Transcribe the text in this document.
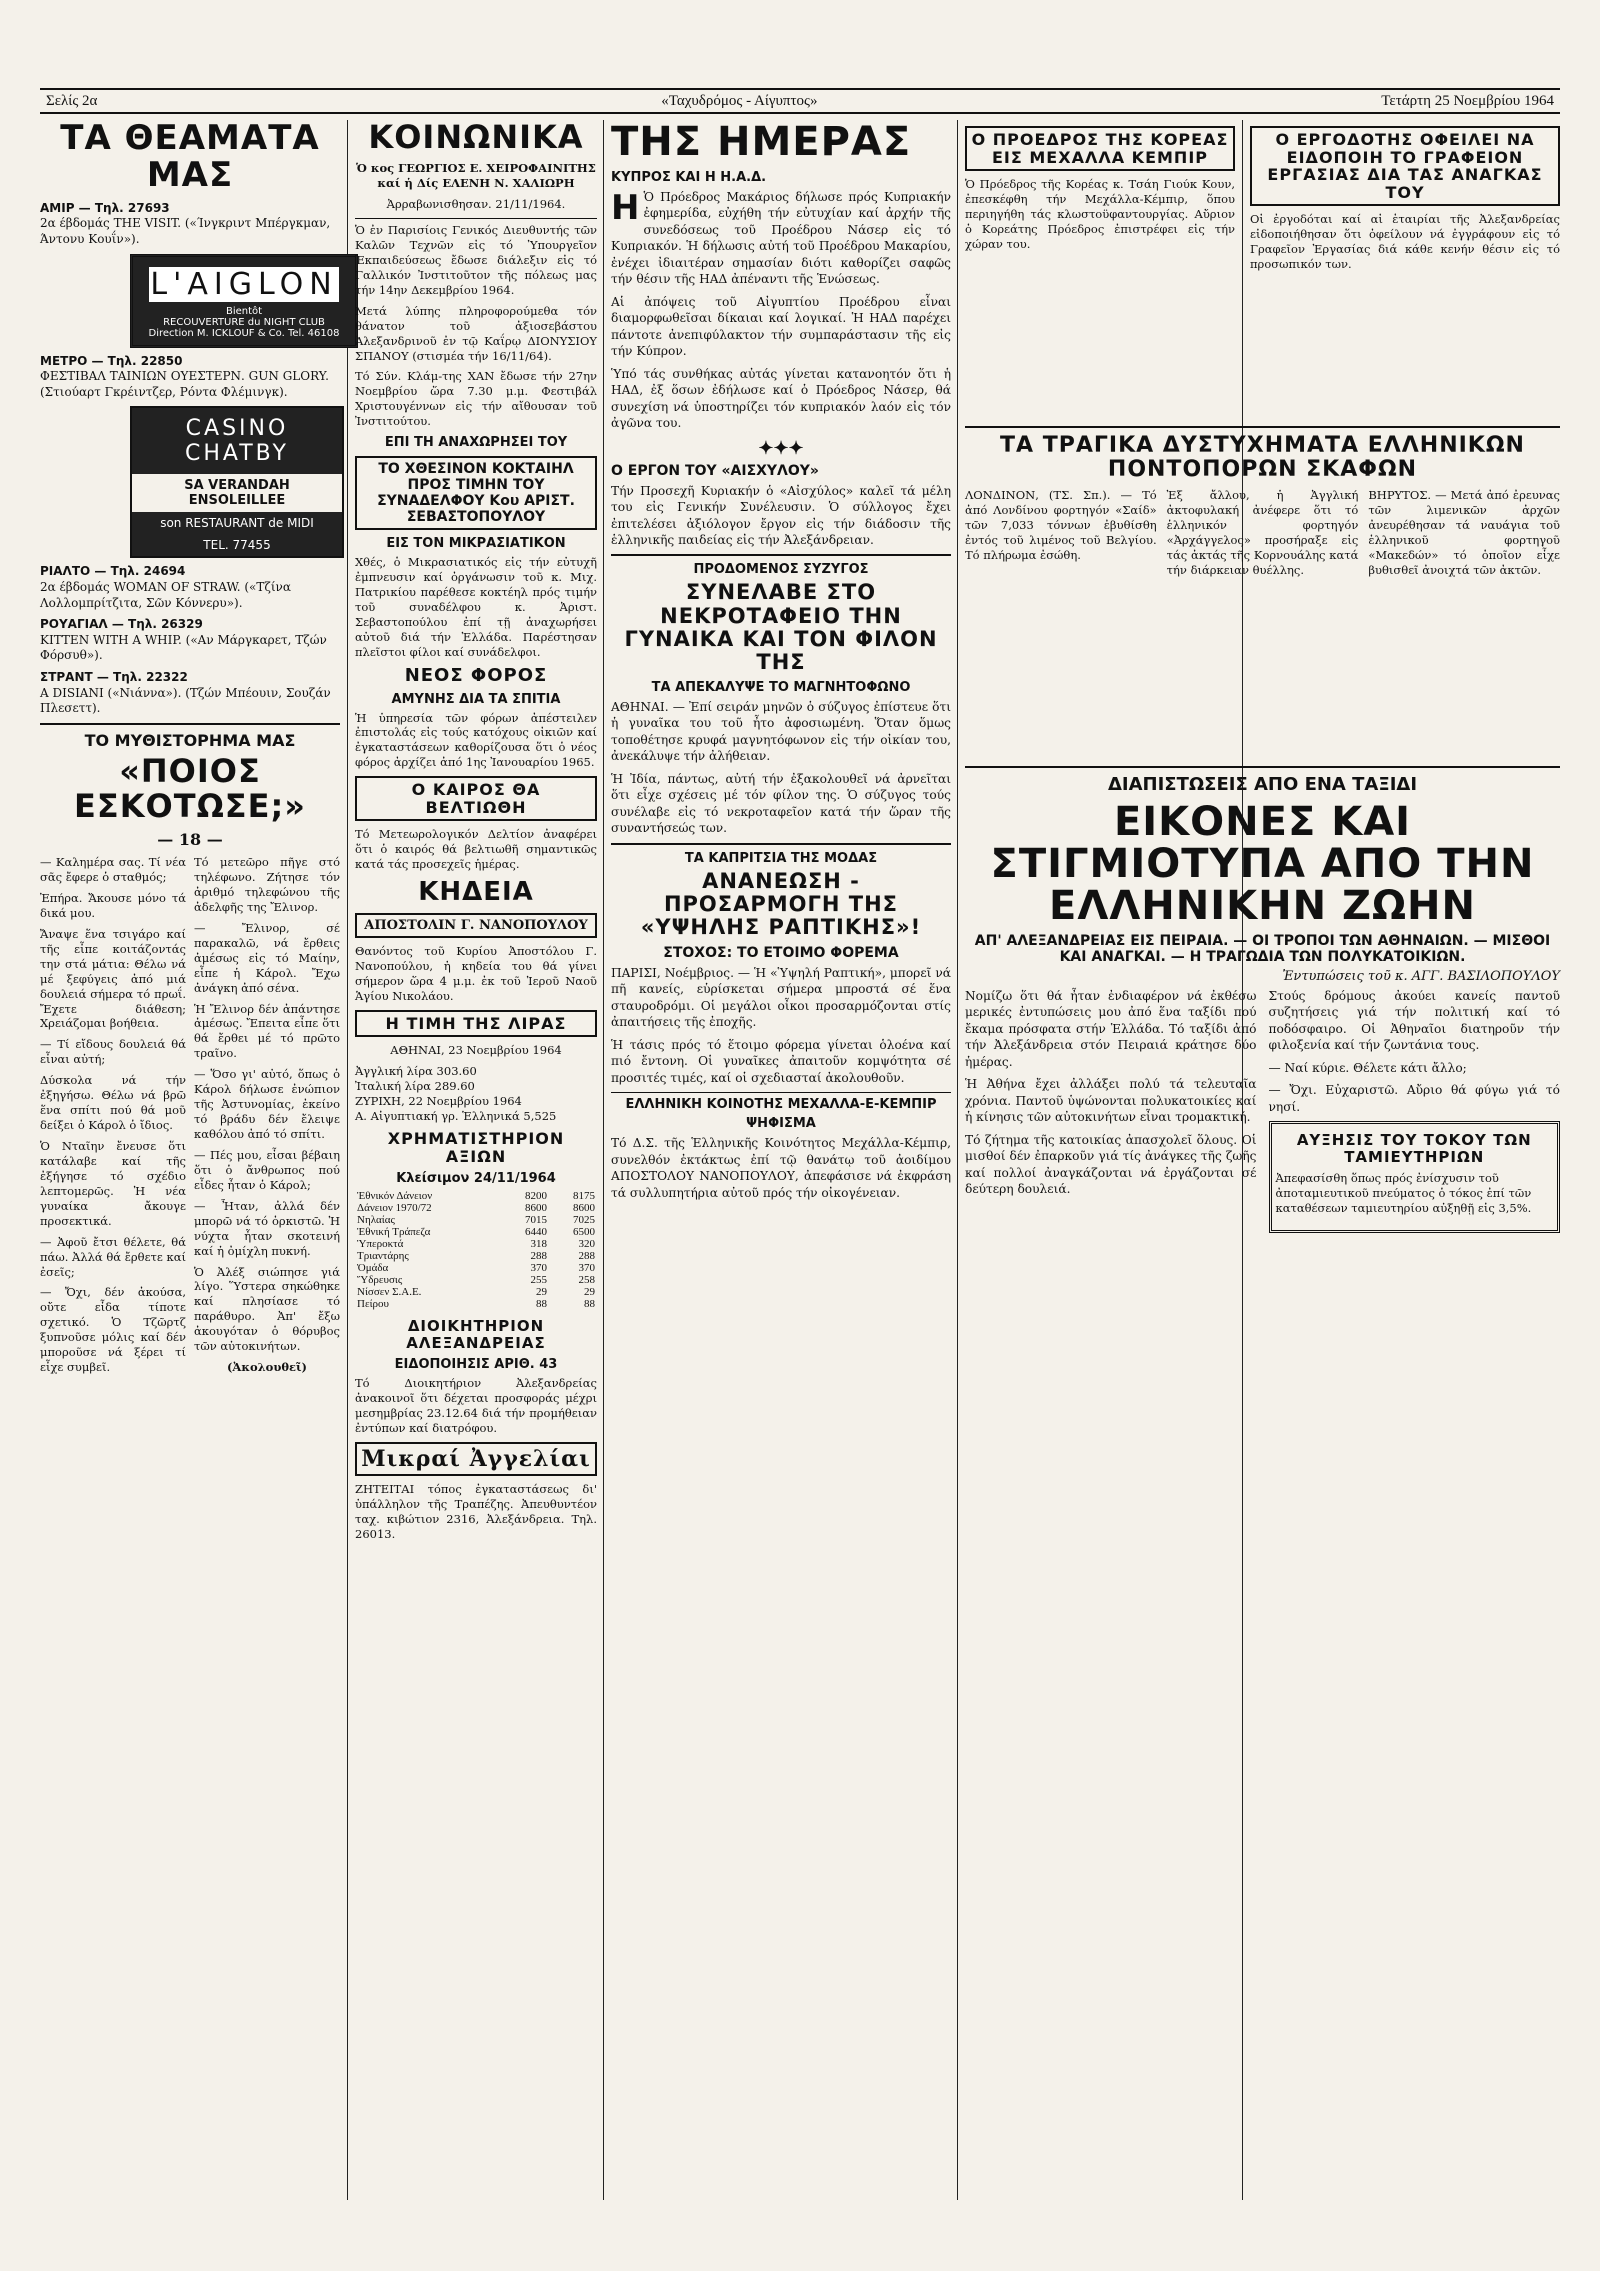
Σελίς 2α	«Ταχυδρόμος - Αίγυπτος»	Τετάρτη 25 Νοεμβρίου 1964
ΤΑ ΘΕΑΜΑΤΑ ΜΑΣ
ΑΜΙΡ — Τηλ. 27693
2α έβδομάς THE VISIT. («Ίνγκριντ Μπέργκμαν, Άντονυ Κουΐν»).
L'AIGLON
Bientôt
RECOUVERTURE du NIGHT CLUB
Direction M. ICKLOUF & Co. Tel. 46108
ΜΕΤΡΟ — Τηλ. 22850
ΦΕΣΤΙΒΑΛ ΤΑΙΝΙΩΝ ΟΥΕΣΤΕΡΝ. GUN GLORY. (Στιούαρτ Γκρέιντζερ, Ρόντα Φλέμινγκ).
CASINO CHATBY
SA VERANDAH ENSOLEILLEE
son RESTAURANT de MIDI
TEL. 77455
ΡΙΑΛΤΟ — Τηλ. 24694
2α έβδομάς WOMAN OF STRAW. («Τζίνα Λολλομπρίτζιτα, Σῶν Κόννερυ»).
ΡΟΥΑΓΙΑΛ — Τηλ. 26329
KITTEN WITH A WHIP. («Αν Μάργκαρετ, Τζών Φόρσυθ»).
ΣΤΡΑΝΤ — Τηλ. 22322
A DISIANI («Νιάννα»). (Τζών Μπέουιν, Σουζάν Πλεσεττ).
ΤΟ ΜΥΘΙΣΤΟΡΗΜΑ ΜΑΣ
«ΠΟΙΟΣ ΕΣΚΟΤΩΣΕ;»
— 18 —

— Καλημέρα σας. Τί νέα σᾶς ἔφερε ὁ σταθμός;

Ἐπήρα. Ἄκουσε μόνο τά δικά μου.

Ἄναψε ἕνα τσιγάρο καί τῆς εἶπε κοιτάζοντάς την στά μάτια: Θέλω νά μέ ξεφύγεις ἀπό μιά δουλειά σήμερα τό πρωΐ. Ἔχετε διάθεση; Χρειάζομαι βοήθεια.

— Τί εἴδους δουλειά θά εἶναι αὐτή;

Δύσκολα νά τήν ἐξηγήσω. Θέλω νά βρῶ ἕνα σπίτι πού θά μοῦ δείξει ὁ Κάρολ ὁ ἴδιος.

Ὁ Νταῖην ἔνευσε ὅτι κατάλαβε καί τῆς ἐξήγησε τό σχέδιο λεπτομερῶς. Ἡ νέα γυναίκα ἄκουγε προσεκτικά.

— Ἀφοῦ ἔτσι θέλετε, θά πάω. Ἀλλά θά ἔρθετε καί ἐσεῖς;

— Ὄχι, δέν ἀκούσα, οὔτε εἶδα τίποτε σχετικό. Ὁ Τζῶρτζ ξυπνοῦσε μόλις καί δέν μποροῦσε νά ξέρει τί εἶχε συμβεῖ.

Τό μετεῶρο πῆγε στό τηλέφωνο. Ζήτησε τόν ἀριθμό τηλεφώνου τῆς ἀδελφῆς της Ἔλινορ.

— Ἔλινορ, σέ παρακαλῶ, νά ἔρθεις ἀμέσως εἰς τό Μαίην, εἶπε ἡ Κάρολ. Ἔχω ἀνάγκη ἀπό σένα.

Ἡ Ἔλινορ δέν ἀπάντησε ἀμέσως. Ἔπειτα εἶπε ὅτι θά ἔρθει μέ τό πρῶτο τραῖνο.

— Ὅσο γι' αὐτό, ὅπως ὁ Κάρολ δήλωσε ἐνώπιον τῆς Ἀστυνομίας, ἐκείνο τό βράδυ δέν ἔλειψε καθόλου ἀπό τό σπίτι.

— Πές μου, εἶσαι βέβαιη ὅτι ὁ ἄνθρωπος πού εἶδες ἦταν ὁ Κάρολ;

— Ἦταν, ἀλλά δέν μπορῶ νά τό ὁρκιστῶ. Ἡ νύχτα ἦταν σκοτεινή καί ἡ ὀμίχλη πυκνή.

Ὁ Ἀλέξ σιώπησε γιά λίγο. Ὕστερα σηκώθηκε καί πλησίασε τό παράθυρο. Ἀπ' ἔξω ἀκουγόταν ὁ θόρυβος τῶν αὐτοκινήτων.

(Ἀκολουθεῖ)

ΚΟΙΝΩΝΙΚΑ

Ὁ κος ΓΕΩΡΓΙΟΣ Ε. ΧΕΙΡΟΦΑΙΝΙΤΗΣ καί ἡ Δίς ΕΛΕΝΗ Ν. ΧΑΛΙΩΡΗ

Ἀρραβωνισθησαν. 21/11/1964.

Ὁ ἐν Παρισίοις Γενικός Διευθυντής τῶν Καλῶν Τεχνῶν εἰς τό Ὑπουργεῖον Ἐκπαιδεύσεως ἔδωσε διάλεξιν εἰς τό Γαλλικόν Ἰνστιτοῦτον τῆς πόλεως μας τήν 14ην Δεκεμβρίου 1964.

Μετά λύπης πληροφορούμεθα τόν θάνατον τοῦ ἀξιοσεβάστου Ἀλεξανδρινοῦ ἐν τῷ Καΐρῳ ΔΙΟΝΥΣΙΟΥ ΣΠΑΝΟΥ (στισμέα τήν 16/11/64).

Τό Σύν. Κλάμ-της ΧΑΝ ἔδωσε τήν 27ην Νοεμβρίου ὥρα 7.30 μ.μ. Φεστιβάλ Χριστουγέννων εἰς τήν αἴθουσαν τοῦ Ἰνστιτούτου.

ΕΠΙ ΤΗ ΑΝΑΧΩΡΗΣΕΙ ΤΟΥ
ΤΟ ΧΘΕΣΙΝΟΝ ΚΟΚΤΑΙΗΛ ΠΡΟΣ ΤΙΜΗΝ ΤΟΥ ΣΥΝΑΔΕΛΦΟΥ Κου ΑΡΙΣΤ. ΣΕΒΑΣΤΟΠΟΥΛΟΥ
ΕΙΣ ΤΟΝ ΜΙΚΡΑΣΙΑΤΙΚΟΝ

Χθές, ὁ Μικρασιατικός εἰς τήν εὐτυχῆ ἐμπνευσιν καί ὀργάνωσιν τοῦ κ. Μιχ. Πατρικίου παρέθεσε κοκτέηλ πρός τιμήν τοῦ συναδέλφου κ. Ἀριστ. Σεβαστοπούλου ἐπί τῇ ἀναχωρήσει αὐτοῦ διά τήν Ἑλλάδα. Παρέστησαν πλεῖστοι φίλοι καί συνάδελφοι.

ΝΕΟΣ ΦΟΡΟΣ
ΑΜΥΝΗΣ ΔΙΑ ΤΑ ΣΠΙΤΙΑ

Ἡ ὑπηρεσία τῶν φόρων ἀπέστειλεν ἐπιστολάς εἰς τούς κατόχους οἰκιῶν καί ἐγκαταστάσεων καθορίζουσα ὅτι ὁ νέος φόρος ἀρχίζει ἀπό 1ης Ἰανουαρίου 1965.

Ο ΚΑΙΡΟΣ ΘΑ ΒΕΛΤΙΩΘΗ

Τό Μετεωρολογικόν Δελτίον ἀναφέρει ὅτι ὁ καιρός θά βελτιωθῆ σημαντικῶς κατά τάς προσεχεῖς ἡμέρας.

ΚΗΔΕΙΑ
ΑΠΟΣΤΟΛΙΝ Γ. ΝΑΝΟΠΟΥΛΟΥ

Θανόντος τοῦ Κυρίου Ἀποστόλου Γ. Νανοπούλου, ἡ κηδεία του θά γίνει σήμερον ὥρα 4 μ.μ. ἐκ τοῦ Ἱεροῦ Ναοῦ Ἁγίου Νικολάου.

Η ΤΙΜΗ ΤΗΣ ΛΙΡΑΣ

ΑΘΗΝΑΙ, 23 Νοεμβρίου 1964

Ἀγγλική λίρα 303.60

Ἰταλική λίρα 289.60

ΖΥΡΙΧΗ, 22 Νοεμβρίου 1964

Α. Αἰγυπτιακή γρ. Ἑλληνικά 5,525

ΧΡΗΜΑΤΙΣΤΗΡΙΟΝ ΑΞΙΩΝ
Κλείσιμον 24/11/1964
Ἐθνικόν Δάνειον	8200	8175
Δάνειον 1970/72	8600	8600
Νηλαίας	7015	7025
Ἐθνική Τράπεζα	6440	6500
Ὑπεροκτά	318	320
Τριαντάρης	288	288
Ὁμάδα	370	370
Ὕδρευσις	255	258
Νίσσεν Σ.Α.Ε.	29	29
Πείρου	88	88
ΔΙΟΙΚΗΤΗΡΙΟΝ ΑΛΕΞΑΝΔΡΕΙΑΣ
ΕΙΔΟΠΟΙΗΣΙΣ ΑΡΙΘ. 43

Τό Διοικητήριον Ἀλεξανδρείας ἀνακοινοῖ ὅτι δέχεται προσφοράς μέχρι μεσημβρίας 23.12.64 διά τήν προμήθειαν ἐντύπων καί διατρόφου.

Μικραί Ἀγγελίαι

ΖΗΤΕΙΤΑΙ τόπος ἐγκαταστάσεως δι' ὑπάλληλον τῆς Τραπέζης. Ἀπευθυντέον ταχ. κιβώτιον 2316, Ἀλεξάνδρεια. Τηλ. 26013.

ΤΗΣ ΗΜΕΡΑΣ
ΚΥΠΡΟΣ ΚΑΙ Η Η.Α.Δ.

Η Ὁ Πρόεδρος Μακάριος δήλωσε πρός Κυπριακήν ἐφημερίδα, εὐχήθη τήν εὐτυχίαν καί ἀρχήν τῆς συνεδόσεως τοῦ Προέδρου Νάσερ εἰς τό Κυπριακόν. Ἡ δήλωσις αὐτή τοῦ Προέδρου Μακαρίου, ἐνέχει ἰδιαιτέραν σημασίαν διότι καθορίζει σαφῶς τήν θέσιν τῆς ΗΑΔ ἀπέναντι τῆς Ἑνώσεως.

Αἱ ἀπόψεις τοῦ Αἰγυπτίου Προέδρου εἶναι διαμορφωθεῖσαι δίκαιαι καί λογικαί. Ἡ ΗΑΔ παρέχει πάντοτε ἀνεπιφύλακτον τήν συμπαράστασιν τῆς εἰς τήν Κύπρον.

Ὑπό τάς συνθήκας αὐτάς γίνεται κατανοητόν ὅτι ἡ ΗΑΔ, ἐξ ὅσων ἐδήλωσε καί ὁ Πρόεδρος Νάσερ, θά συνεχίση νά ὑποστηρίζει τόν κυπριακόν λαόν εἰς τόν ἀγῶνα του.

✦✦✦
Ο ΕΡΓΟΝ ΤΟΥ «ΑΙΣΧΥΛΟΥ»

Τήν Προσεχῆ Κυριακήν ὁ «Αἰσχύλος» καλεῖ τά μέλη του εἰς Γενικήν Συνέλευσιν. Ὁ σύλλογος ἔχει ἐπιτελέσει ἀξιόλογον ἔργον εἰς τήν διάδοσιν τῆς ἑλληνικῆς παιδείας εἰς τήν Ἀλεξάνδρειαν.

ΠΡΟΔΟΜΕΝΟΣ ΣΥΖΥΓΟΣ
ΣΥΝΕΛΑΒΕ ΣΤΟ ΝΕΚΡΟΤΑΦΕΙΟ ΤΗΝ ΓΥΝΑΙΚΑ ΚΑΙ ΤΟΝ ΦΙΛΟΝ ΤΗΣ
ΤΑ ΑΠΕΚΑΛΥΨΕ ΤΟ ΜΑΓΝΗΤΟΦΩΝΟ

ΑΘΗΝΑΙ. — Ἐπί σειράν μηνῶν ὁ σύζυγος ἐπίστευε ὅτι ἡ γυναῖκα του τοῦ ἦτο ἀφοσιωμένη. Ὅταν ὅμως τοποθέτησε κρυφά μαγνητόφωνον εἰς τήν οἰκίαν του, ἀνεκάλυψε τήν ἀλήθειαν.

Ἡ Ἰδία, πάντως, αὐτή τήν ἐξακολουθεῖ νά ἀρνεῖται ὅτι εἶχε σχέσεις μέ τόν φίλον της. Ὁ σύζυγος τούς συνέλαβε εἰς τό νεκροταφεῖον κατά τήν ὥραν τῆς συναντήσεώς των.

ΤΑ ΚΑΠΡΙΤΣΙΑ ΤΗΣ ΜΟΔΑΣ
ΑΝΑΝΕΩΣΗ - ΠΡΟΣΑΡΜΟΓΗ ΤΗΣ «ΥΨΗΛΗΣ ΡΑΠΤΙΚΗΣ»!
ΣΤΟΧΟΣ: ΤΟ ΕΤΟΙΜΟ ΦΟΡΕΜΑ

ΠΑΡΙΣΙ, Νοέμβριος. — Ἡ «Ὑψηλή Ραπτική», μπορεῖ νά πῆ κανείς, εὑρίσκεται σήμερα μπροστά σέ ἕνα σταυροδρόμι. Οἱ μεγάλοι οἶκοι προσαρμόζονται στίς ἀπαιτήσεις τῆς ἐποχῆς.

Ἡ τάσις πρός τό ἕτοιμο φόρεμα γίνεται ὁλοένα καί πιό ἔντονη. Οἱ γυναῖκες ἀπαιτοῦν κομψότητα σέ προσιτές τιμές, καί οἱ σχεδιασταί ἀκολουθοῦν.

ΕΛΛΗΝΙΚΗ ΚΟΙΝΟΤΗΣ ΜΕΧΑΛΛΑ-Ε-ΚΕΜΠΙΡ
ΨΗΦΙΣΜΑ

Τό Δ.Σ. τῆς Ἑλληνικῆς Κοινότητος Μεχάλλα-Κέμπιρ, συνελθόν ἐκτάκτως ἐπί τῷ θανάτῳ τοῦ ἀοιδίμου ΑΠΟΣΤΟΛΟΥ ΝΑΝΟΠΟΥΛΟΥ, ἀπεφάσισε νά ἐκφράση τά συλλυπητήρια αὐτοῦ πρός τήν οἰκογένειαν.

Ο ΠΡΟΕΔΡΟΣ ΤΗΣ ΚΟΡΕΑΣ ΕΙΣ ΜΕΧΑΛΛΑ ΚΕΜΠΙΡ

Ὁ Πρόεδρος τῆς Κορέας κ. Τσάη Γιούκ Κουν, ἐπεσκέφθη τήν Μεχάλλα-Κέμπιρ, ὅπου περιηγήθη τάς κλωστοϋφαντουργίας. Αὔριον ὁ Κορεάτης Πρόεδρος ἐπιστρέφει εἰς τήν χώραν του.

Ο ΕΡΓΟΔΟΤΗΣ ΟΦΕΙΛΕΙ ΝΑ ΕΙΔΟΠΟΙΗ ΤΟ ΓΡΑΦΕΙΟΝ ΕΡΓΑΣΙΑΣ ΔΙΑ ΤΑΣ ΑΝΑΓΚΑΣ ΤΟΥ

Οἱ ἐργοδόται καί αἱ ἑταιρίαι τῆς Ἀλεξανδρείας εἰδοποιήθησαν ὅτι ὀφείλουν νά ἐγγράφουν εἰς τό Γραφεῖον Ἐργασίας διά κάθε κενήν θέσιν εἰς τό προσωπικόν των.

ΤΑ ΤΡΑΓΙΚΑ ΔΥΣΤΥΧΗΜΑΤΑ ΕΛΛΗΝΙΚΩΝ ΠΟΝΤΟΠΟΡΩΝ ΣΚΑΦΩΝ

ΛΟΝΔΙΝΟΝ, (ΤΣ. Σπ.). — Τό ἀπό Λονδίνου φορτηγόν «Σαίδ» τῶν 7,033 τόννων ἐβυθίσθη ἐντός τοῦ λιμένος τοῦ Βελγίου. Τό πλήρωμα ἐσώθη.

Ἐξ ἄλλου, ἡ Ἀγγλική ἀκτοφυλακή ἀνέφερε ὅτι τό ἑλληνικόν φορτηγόν «Ἀρχάγγελος» προσήραξε εἰς τάς ἀκτάς τῆς Κορνουάλης κατά τήν διάρκειαν θυέλλης.

ΒΗΡΥΤΟΣ. — Μετά ἀπό ἐρευνας τῶν λιμενικῶν ἀρχῶν ἀνευρέθησαν τά ναυάγια τοῦ ἑλληνικοῦ φορτηγοῦ «Μακεδών» τό ὁποῖον εἶχε βυθισθεῖ ἀνοιχτά τῶν ἀκτῶν.

ΔΙΑΠΙΣΤΩΣΕΙΣ ΑΠΟ ΕΝΑ ΤΑΞΙΔΙ
ΕΙΚΟΝΕΣ ΚΑΙ ΣΤΙΓΜΙΟΤΥΠΑ ΑΠΟ ΤΗΝ ΕΛΛΗΝΙΚΗΝ ΖΩΗΝ
ΑΠ' ΑΛΕΞΑΝΔΡΕΙΑΣ ΕΙΣ ΠΕΙΡΑΙΑ. — ΟΙ ΤΡΟΠΟΙ ΤΩΝ ΑΘΗΝΑΙΩΝ. — ΜΙΣΘΟΙ ΚΑΙ ΑΝΑΓΚΑΙ. — Η ΤΡΑΓΩΔΙΑ ΤΩΝ ΠΟΛΥΚΑΤΟΙΚΙΩΝ.
Ἐντυπώσεις τοῦ κ. ΑΓΓ. ΒΑΣΙΛΟΠΟΥΛΟΥ

Νομίζω ὅτι θά ἦταν ἐνδιαφέρον νά ἐκθέσω μερικές ἐντυπώσεις μου ἀπό ἕνα ταξίδι πού ἔκαμα πρόσφατα στήν Ἑλλάδα. Τό ταξίδι ἀπό τήν Ἀλεξάνδρεια στόν Πειραιά κράτησε δύο ἡμέρας.

Ἡ Ἀθήνα ἔχει ἀλλάξει πολύ τά τελευταῖα χρόνια. Παντοῦ ὑψώνονται πολυκατοικίες καί ἡ κίνησις τῶν αὐτοκινήτων εἶναι τρομακτική.

Τό ζήτημα τῆς κατοικίας ἀπασχολεῖ ὅλους. Οἱ μισθοί δέν ἐπαρκοῦν γιά τίς ἀνάγκες τῆς ζωῆς καί πολλοί ἀναγκάζονται νά ἐργάζονται σέ δεύτερη δουλειά.

Στούς δρόμους ἀκούει κανείς παντοῦ συζητήσεις γιά τήν πολιτική καί τό ποδόσφαιρο. Οἱ Ἀθηναῖοι διατηροῦν τήν φιλοξενία καί τήν ζωντάνια τους.

— Ναί κύριε. Θέλετε κάτι ἄλλο;

— Ὄχι. Εὐχαριστῶ. Αὔριο θά φύγω γιά τό νησί.

ΑΥΞΗΣΙΣ ΤΟΥ ΤΟΚΟΥ ΤΩΝ ΤΑΜΙΕΥΤΗΡΙΩΝ

Ἀπεφασίσθη ὅπως πρός ἐνίσχυσιν τοῦ ἀποταμιευτικοῦ πνεύματος ὁ τόκος ἐπί τῶν καταθέσεων ταμιευτηρίου αὐξηθῇ εἰς 3,5%.
